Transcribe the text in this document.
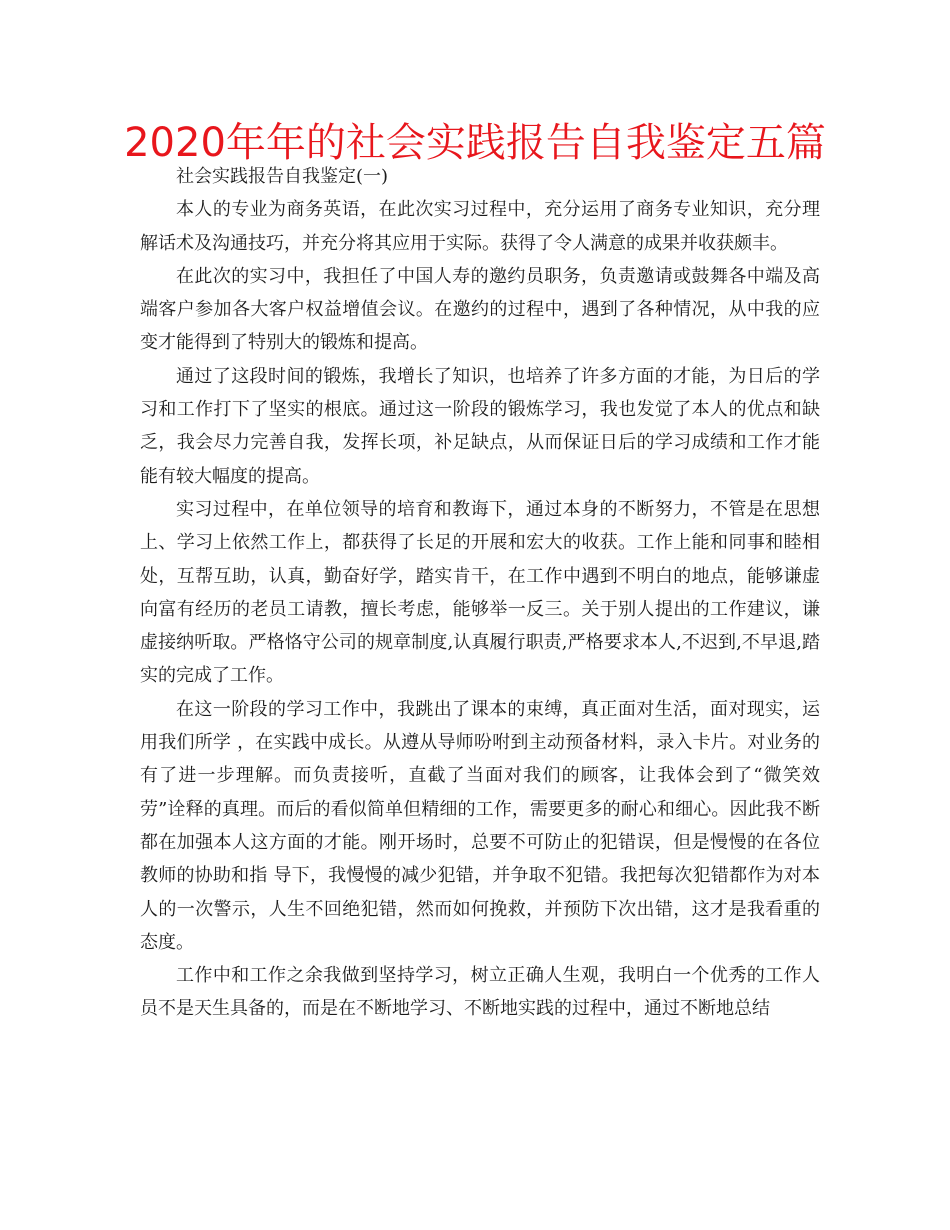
2020年年的社会实践报告自我鉴定五篇

社会实践报告自我鉴定(一)

本人的专业为商务英语，在此次实习过程中，充分运用了商务专业知识，充分理解话术及沟通技巧，并充分将其应用于实际。获得了令人满意的成果并收获颇丰。

在此次的实习中，我担任了中国人寿的邀约员职务，负责邀请或鼓舞各中端及高端客户参加各大客户权益增值会议。在邀约的过程中，遇到了各种情况，从中我的应变才能得到了特别大的锻炼和提高。

通过了这段时间的锻炼，我增长了知识，也培养了许多方面的才能，为日后的学习和工作打下了坚实的根底。通过这一阶段的锻炼学习，我也发觉了本人的优点和缺乏，我会尽力完善自我，发挥长项，补足缺点，从而保证日后的学习成绩和工作才能能有较大幅度的提高。

实习过程中，在单位领导的培育和教诲下，通过本身的不断努力，不管是在思想上、学习上依然工作上，都获得了长足的开展和宏大的收获。工作上能和同事和睦相处，互帮互助，认真，勤奋好学，踏实肯干，在工作中遇到不明白的地点，能够谦虚向富有经历的老员工请教，擅长考虑，能够举一反三。关于别人提出的工作建议，谦虚接纳听取。严格恪守公司的规章制度,认真履行职责,严格要求本人,不迟到,不早退,踏实的完成了工作。

在这一阶段的学习工作中，我跳出了课本的束缚，真正面对生活，面对现实，运用我们所学 ，在实践中成长。从遵从导师吩咐到主动预备材料，录入卡片。对业务的有了进一步理解。而负责接听，直截了当面对我们的顾客，让我体会到了“微笑效劳”诠释的真理。而后的看似简单但精细的工作，需要更多的耐心和细心。因此我不断都在加强本人这方面的才能。刚开场时，总要不可防止的犯错误，但是慢慢的在各位教师的协助和指 导下，我慢慢的减少犯错，并争取不犯错。我把每次犯错都作为对本人的一次警示，人生不回绝犯错，然而如何挽救，并预防下次出错，这才是我看重的态度。

工作中和工作之余我做到坚持学习，树立正确人生观，我明白一个优秀的工作人员不是天生具备的，而是在不断地学习、不断地实践的过程中，通过不断地总结
